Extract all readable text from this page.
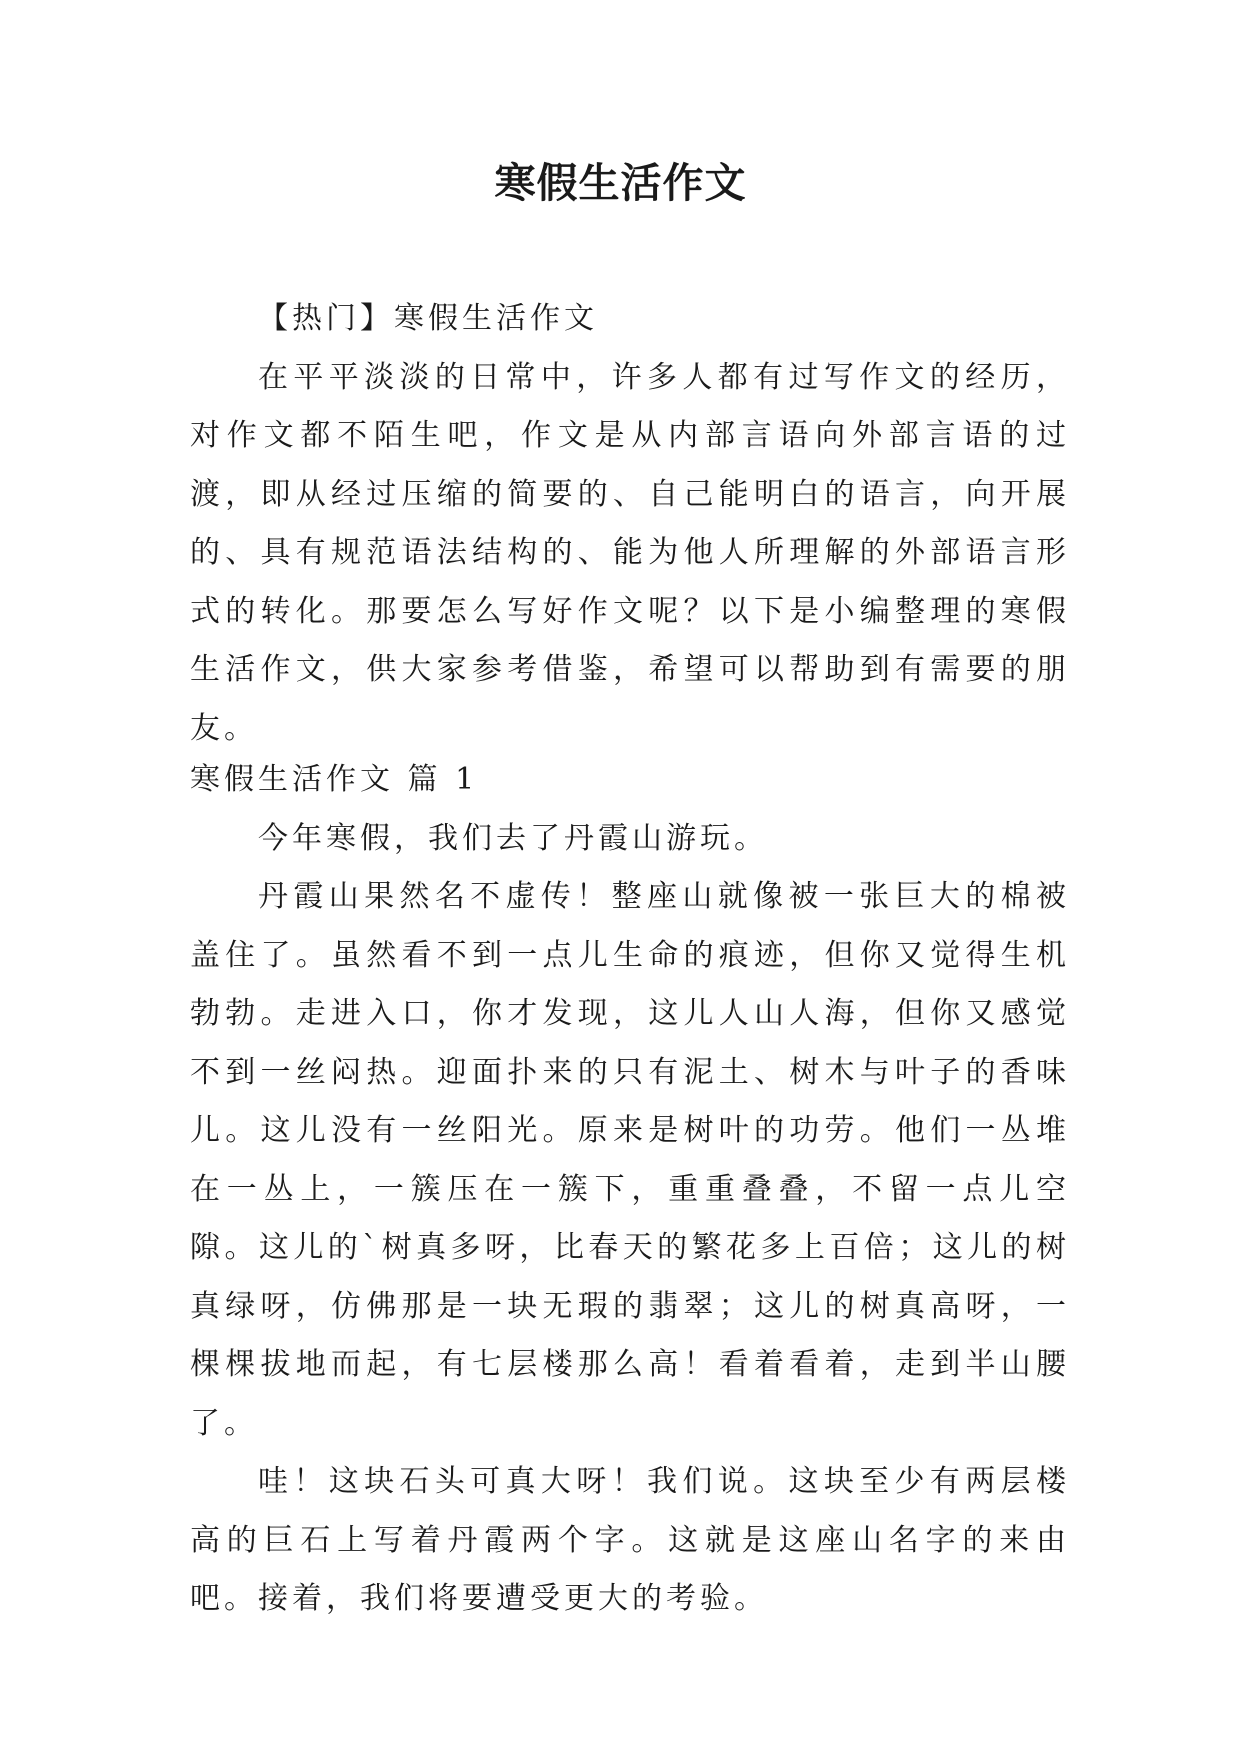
寒假生活作文

【热门】寒假生活作文

在平平淡淡的日常中，许多人都有过写作文的经历，对作文都不陌生吧，作文是从内部言语向外部言语的过渡，即从经过压缩的简要的、自己能明白的语言，向开展的、具有规范语法结构的、能为他人所理解的外部语言形式的转化。那要怎么写好作文呢？以下是小编整理的寒假生活作文，供大家参考借鉴，希望可以帮助到有需要的朋友。

寒假生活作文 篇 1

今年寒假，我们去了丹霞山游玩。

丹霞山果然名不虚传！整座山就像被一张巨大的棉被盖住了。虽然看不到一点儿生命的痕迹，但你又觉得生机勃勃。走进入口，你才发现，这儿人山人海，但你又感觉不到一丝闷热。迎面扑来的只有泥土、树木与叶子的香味儿。这儿没有一丝阳光。原来是树叶的功劳。他们一丛堆在一丛上，一簇压在一簇下，重重叠叠，不留一点儿空隙。这儿的`树真多呀，比春天的繁花多上百倍；这儿的树真绿呀，仿佛那是一块无瑕的翡翠；这儿的树真高呀，一棵棵拔地而起，有七层楼那么高！看着看着，走到半山腰了。

哇！这块石头可真大呀！我们说。这块至少有两层楼高的巨石上写着丹霞两个字。这就是这座山名字的来由吧。接着，我们将要遭受更大的考验。
